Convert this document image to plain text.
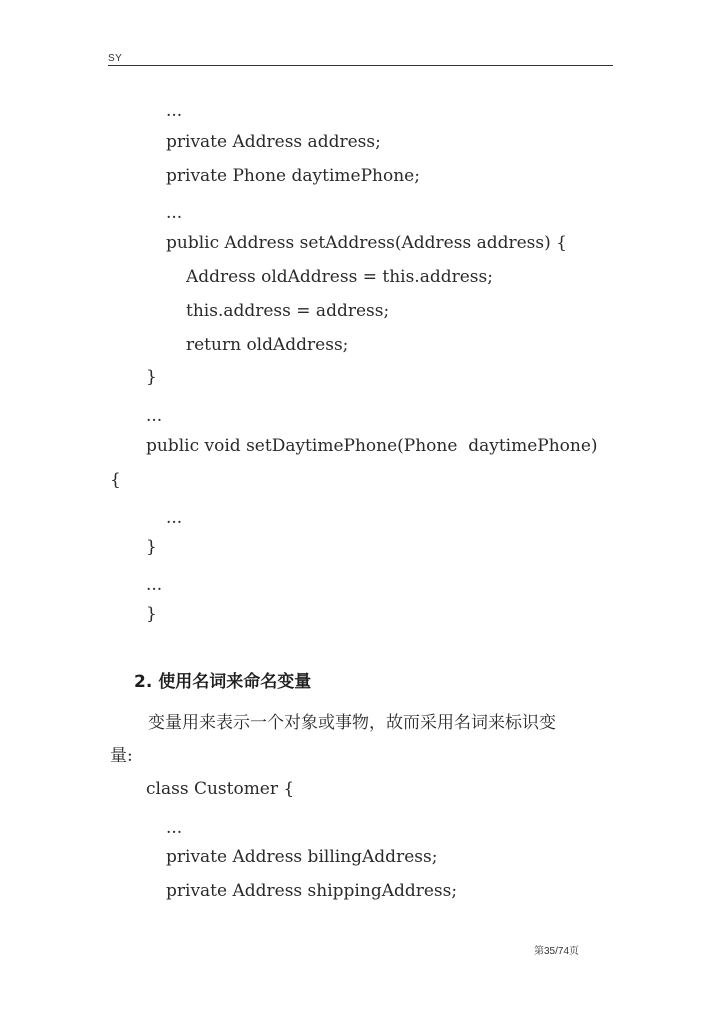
SY
...
private Address address;
private Phone daytimePhone;
...
public Address setAddress(Address address) {
Address oldAddress = this.address;
this.address = address;
return oldAddress;
}
...
public void setDaytimePhone(Phone  daytimePhone)
{
...
}
...
}
2. 使用名词来命名变量
变量用来表示一个对象或事物，故而采用名词来标识变
量:
class Customer {
...
private Address billingAddress;
private Address shippingAddress;
第35/74页
